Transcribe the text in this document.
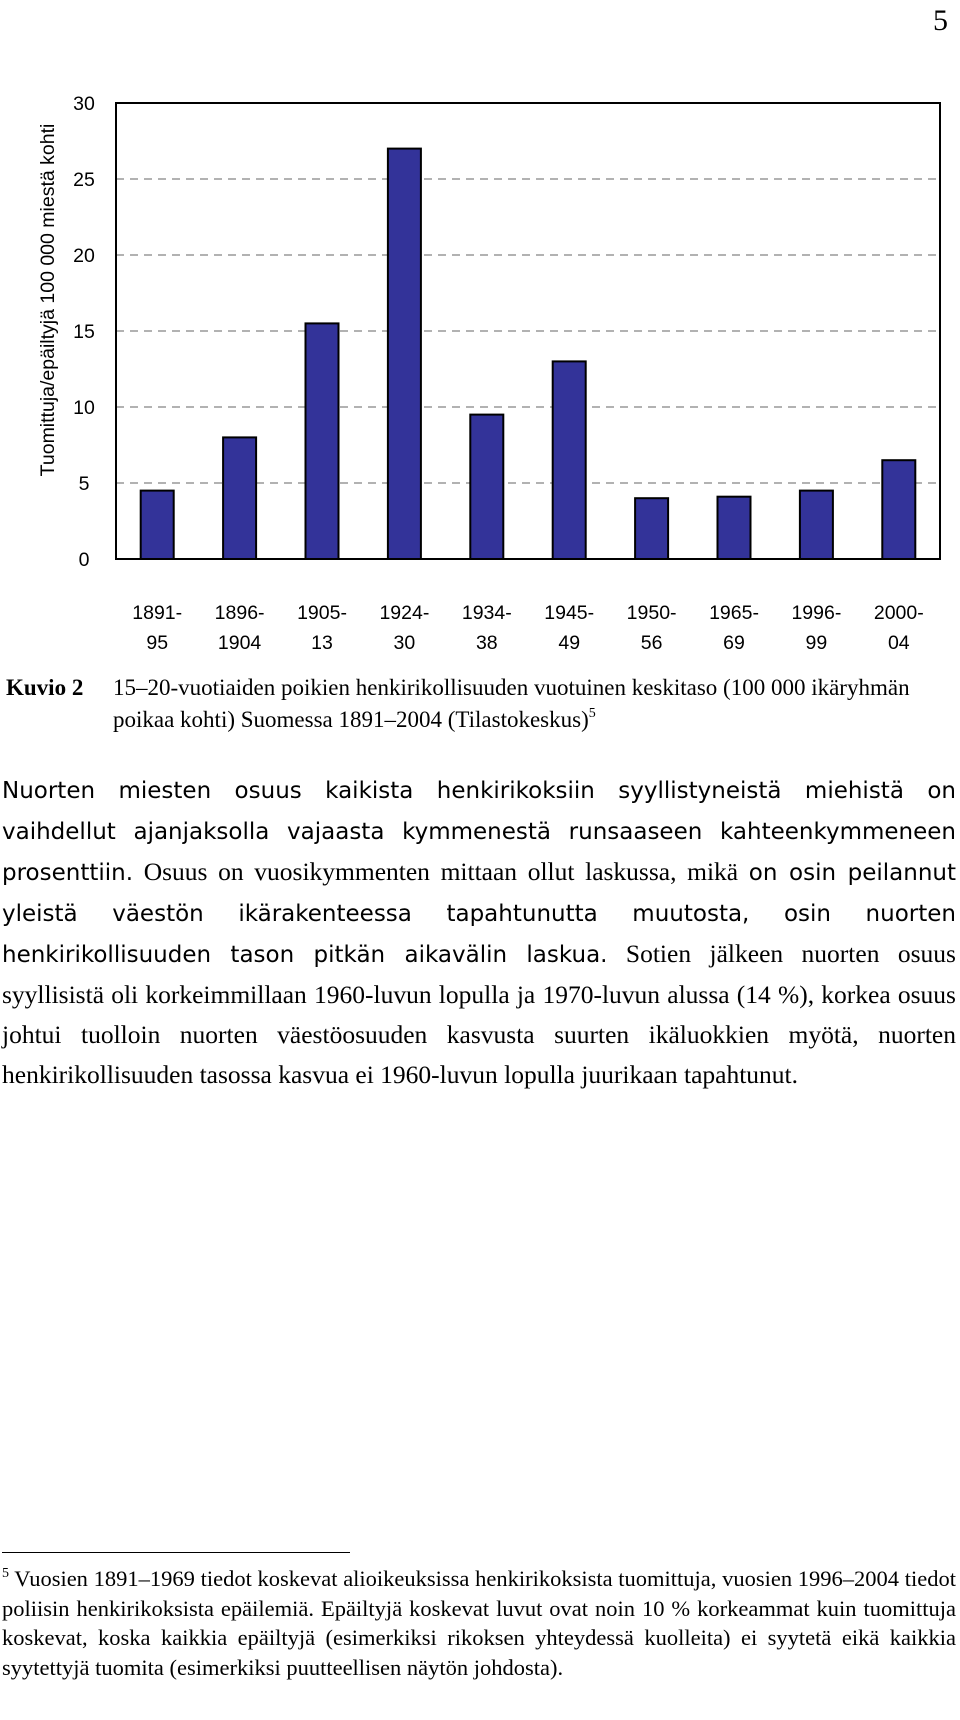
5
Tuomittuja/epäiltyjä 100 000 miestä kohti
0
5
10
15
20
25
30
1891-
95
1896-
1904
1905-
13
1924-
30
1934-
38
1945-
49
1950-
56
1965-
69
1996-
99
2000-
04
Kuvio 2 15–20-vuotiaiden poikien henkirikollisuuden vuotuinen keskitaso (100 000 ikäryhmän poikaa kohti) Suomessa 1891–2004 (Tilastokeskus)$^5$

Nuorten miesten osuus kaikista henkirikoksiin syyllistyneistä miehistä on vaihdellut ajanjaksolla vajaasta kymmenestä runsaaseen kahteenkymmeneen prosenttiin. Osuus on vuosikymmenten mittaan ollut laskussa, mikä on osin peilannut yleistä väestön ikärakenteessa tapahtunutta muutosta, osin nuorten henkirikollisuuden tason pitkän aikavälin laskua. Sotien jälkeen nuorten osuus syyllisistä oli korkeimmillaan 1960-luvun lopulla ja 1970-luvun alussa (14 %), korkea osuus johtui tuolloin nuorten väestöosuuden kasvusta suurten ikäluokkien myötä, nuorten henkirikollisuuden tasossa kasvua ei 1960-luvun lopulla juurikaan tapahtunut.

$^5$ Vuosien 1891–1969 tiedot koskevat alioikeuksissa henkirikoksista tuomittuja, vuosien 1996–2004 tiedot poliisin henkirikoksista epäilemiä. Epäiltyjä koskevat luvut ovat noin 10 % korkeammat kuin tuomittuja koskevat, koska kaikkia epäiltyjä (esimerkiksi rikoksen yhteydessä kuolleita) ei syytetä eikä kaikkia syytettyjä tuomita (esimerkiksi puutteellisen näytön johdosta).
